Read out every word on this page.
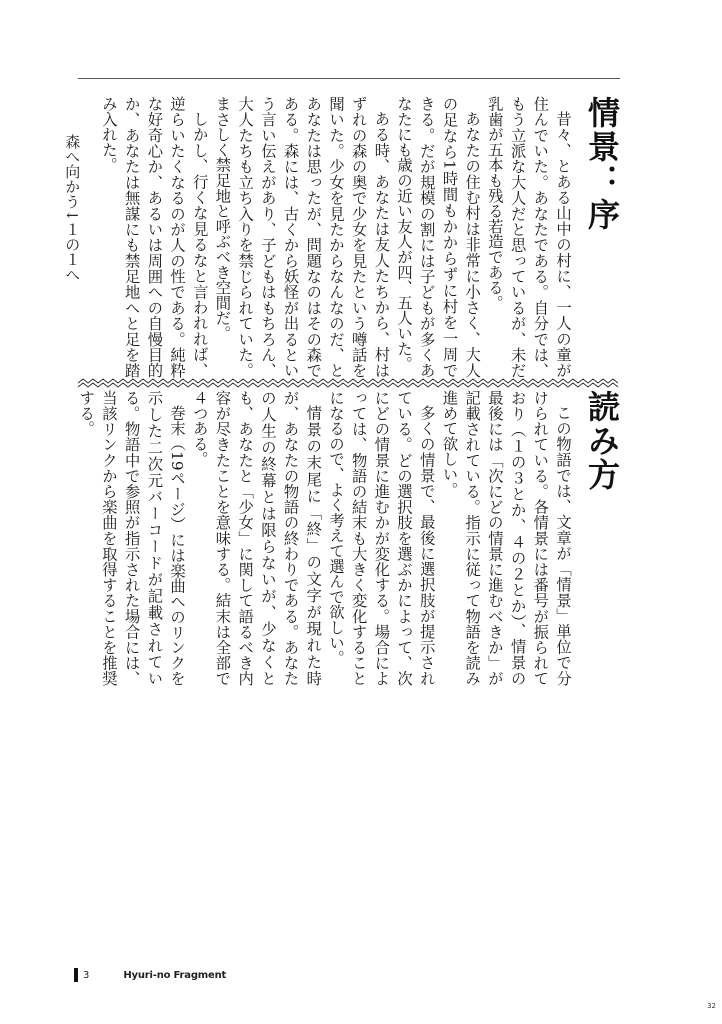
情景：序

昔々、とある山中の村に、一人の童が住んでいた。あなたである。自分では、もう立派な大人だと思っているが、未だ乳歯が五本も残る若造である。

あなたの住む村は非常に小さく、大人の足なら1時間もかからずに村を一周できる。だが規模の割には子どもが多くあなたにも歳の近い友人が四、五人いた。

ある時、あなたは友人たちから、村はずれの森の奥で少女を見たという噂話を聞いた。少女を見たからなんなのだ、とあなたは思ったが、問題なのはその森である。森には、古くから妖怪が出るという言い伝えがあり、子どもはもちろん、大人たちも立ち入りを禁じられていた。まさしく禁足地と呼ぶべき空間だ。

しかし、行くな見るなと言われれば、逆らいたくなるのが人の性である。純粋な好奇心か、あるいは周囲への自慢目的か、あなたは無謀にも禁足地へと足を踏み入れた。

森へ向かう↓１の１へ
読み方

この物語では、文章が「情景」単位で分けられている。各情景には番号が振られており（１の３とか、４の２とか）、情景の最後には「次にどの情景に進むべきか」が記載されている。指示に従って物語を読み進めて欲しい。

多くの情景で、最後に選択肢が提示されている。どの選択肢を選ぶかによって、次にどの情景に進むかが変化する。場合によっては、物語の結末も大きく変化することになるので、よく考えて選んで欲しい。

情景の末尾に「終」の文字が現れた時が、あなたの物語の終わりである。あなたの人生の終幕とは限らないが、少なくとも、あなたと「少女」に関して語るべき内容が尽きたことを意味する。結末は全部で４つある。

巻末（19ページ）には楽曲へのリンクを示した二次元バーコードが記載されている。物語中で参照が指示された場合には、当該リンクから楽曲を取得することを推奨する。

3	Hyuri-no Fragment
32
